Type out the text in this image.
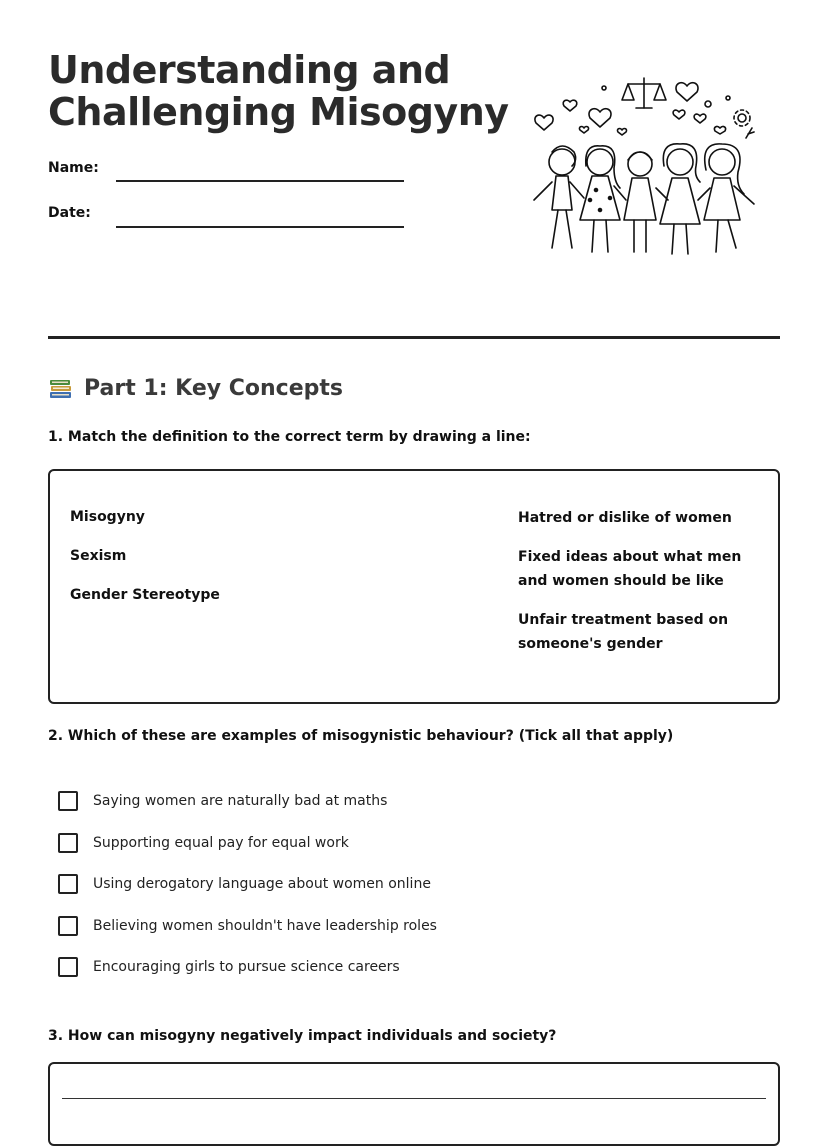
Understanding and
Challenging Misogyny
Name:
Date:
Part 1: Key Concepts
1. Match the definition to the correct term by drawing a line:
Misogyny
Sexism
Gender Stereotype
Hatred or dislike of women
Fixed ideas about what men and women should be like
Unfair treatment based on someone's gender
2. Which of these are examples of misogynistic behaviour? (Tick all that apply)
Saying women are naturally bad at maths
Supporting equal pay for equal work
Using derogatory language about women online
Believing women shouldn't have leadership roles
Encouraging girls to pursue science careers
3. How can misogyny negatively impact individuals and society?
